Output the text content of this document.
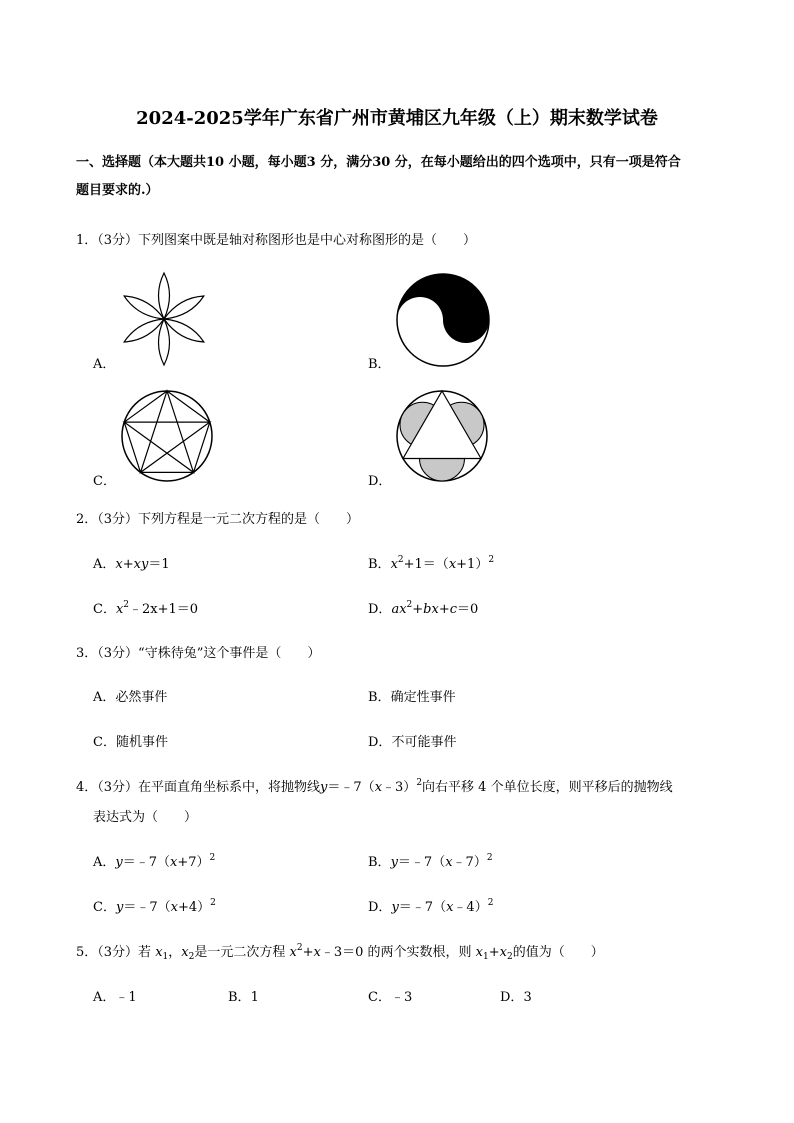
2024-2025学年广东省广州市黄埔区九年级（上）期末数学试卷
一、选择题（本大题共10 小题，每小题3 分，满分30 分，在每小题给出的四个选项中，只有一项是符合
题目要求的.）
1．（3分）下列图案中既是轴对称图形也是中心对称图形的是（　　）
A．	B．
C．	D．
2．（3分）下列方程是一元二次方程的是（　　）
A．x+xy＝1	B．$x^2+1=(x+1)^2$
C．$x^2﹣2x+1=0$	D．$ax^2+bx+c=0$
3．（3分）“守株待兔”这个事件是（　　）
A．必然事件	B．确定性事件
C．随机事件	D．不可能事件
4．（3分）在平面直角坐标系中，将抛物线y＝﹣7（x﹣3）$^2$向右平移 4 个单位长度，则平移后的抛物线
表达式为（　　）
A．$y=﹣7(x+7)^2$	B．y＝﹣7（x﹣7）$^2$
C．$y=﹣7(x+4)^2$	D．y＝﹣7（x﹣4）$^2$
5．（3分）若 $x_1$，$x_2$是一元二次方程 $x^2+x﹣3=0$ 的两个实数根，则 $x_1+x_2$的值为（　　）
A．﹣1	B．1	C．﹣3	D．3
